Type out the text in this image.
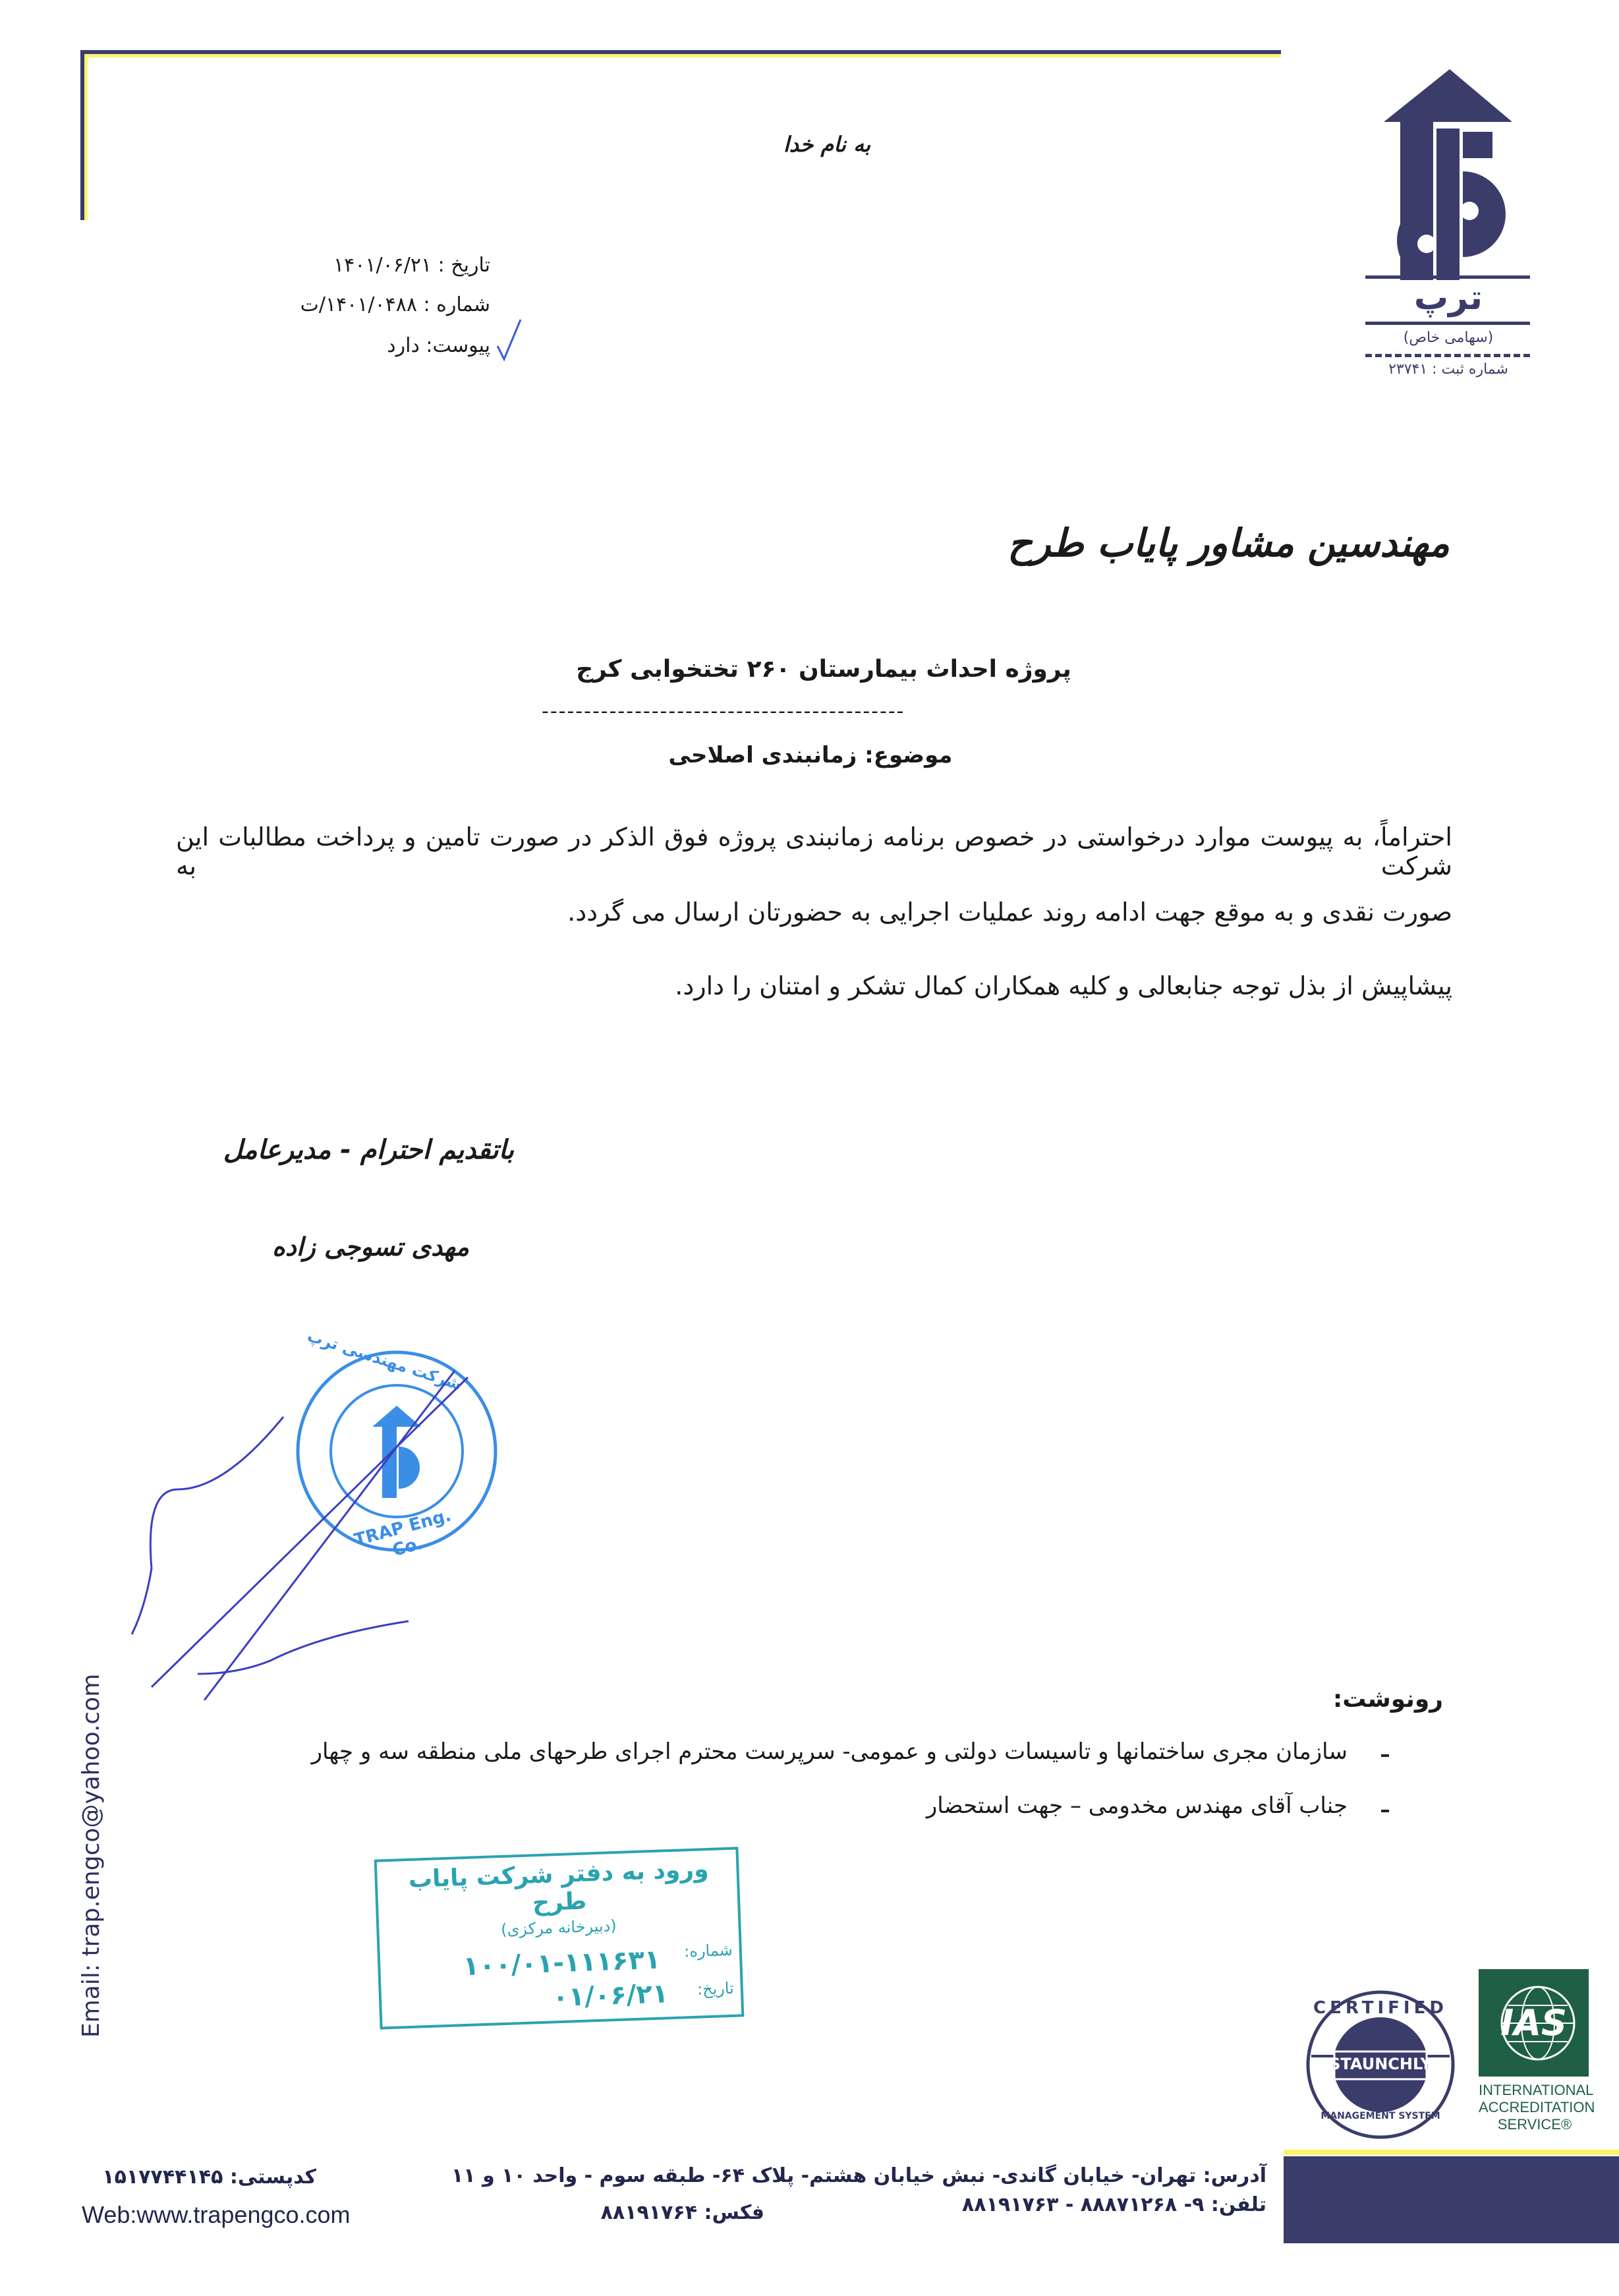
ترپ
(سهامی خاص)
شماره ثبت : ۲۳۷۴۱
به نام خدا
تاریخ : ۱۴۰۱/۰۶/۲۱
شماره : ۱۴۰۱/۰۴۸۸/ت
پیوست: دارد
مهندسین مشاور پایاب طرح
پروژه احداث بیمارستان ۲۶۰ تختخوابی کرج
-------------------------------------------
موضوع: زمانبندی اصلاحی
احتراماً، به پیوست موارد درخواستی در خصوص برنامه زمانبندی پروژه فوق الذکر در صورت تامین و پرداخت مطالبات این شرکت به
صورت نقدی و به موقع جهت ادامه روند عملیات اجرایی به حضورتان ارسال می گردد.
پیشاپیش از بذل توجه جنابعالی و کلیه همکاران کمال تشکر و امتنان را دارد.
باتقدیم احترام - مدیرعامل
مهدی تسوجی زاده
شرکت مهندسی ترپ
TRAP Eng. Co.
رونوشت:
سازمان مجری ساختمانها و تاسیسات دولتی و عمومی- سرپرست محترم اجرای طرحهای ملی منطقه سه و چهار
جناب آقای مهندس مخدومی – جهت استحضار
Email: trap.engco@yahoo.com	ورود به دفتر شرکت پایاب طرح
(دبیرخانه مرکزی)
شماره:
۱۰۰/۰۱-۱۱۱۶۳۱
تاریخ:
۰۱/۰۶/۲۱	CERTIFIED
STAUNCHLY
MANAGEMENT SYSTEM
IAS
INTERNATIONAL
ACCREDITATION
SERVICE®
آدرس: تهران- خیابان گاندی- نبش خیابان هشتم- پلاک ۶۴- طبقه سوم - واحد ۱۰ و ۱۱
تلفن: ۹- ۸۸۸۷۱۲۶۸ - ۸۸۱۹۱۷۶۳
فکس: ۸۸۱۹۱۷۶۴
کدپستی: ۱۵۱۷۷۴۴۱۴۵
Web:www.trapengco.com
